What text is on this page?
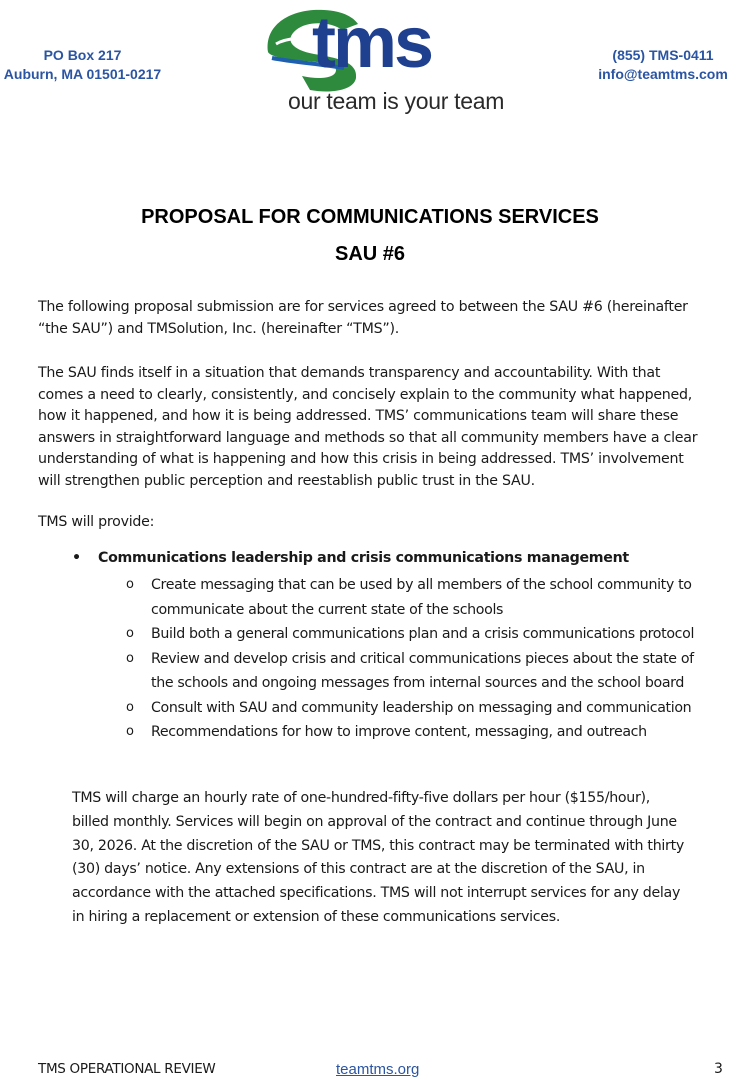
PO Box 217
Auburn, MA 01501-0217 tms
our team is your team
(855) TMS-0411
info@teamtms.com
PROPOSAL FOR COMMUNICATIONS SERVICES
SAU #6
The following proposal submission are for services agreed to between the SAU #6 (hereinafter
“the SAU”) and TMSolution, Inc. (hereinafter “TMS”).
The SAU finds itself in a situation that demands transparency and accountability. With that
comes a need to clearly, consistently, and concisely explain to the community what happened,
how it happened, and how it is being addressed. TMS’ communications team will share these
answers in straightforward language and methods so that all community members have a clear
understanding of what is happening and how this crisis in being addressed. TMS’ involvement
will strengthen public perception and reestablish public trust in the SAU.
TMS will provide:
• Communications leadership and crisis communications management
o Create messaging that can be used by all members of the school community to
communicate about the current state of the schools
o Build both a general communications plan and a crisis communications protocol
o Review and develop crisis and critical communications pieces about the state of
the schools and ongoing messages from internal sources and the school board
o Consult with SAU and community leadership on messaging and communication
o Recommendations for how to improve content, messaging, and outreach
TMS will charge an hourly rate of one-hundred-fifty-five dollars per hour ($155/hour),
billed monthly. Services will begin on approval of the contract and continue through June
30, 2026. At the discretion of the SAU or TMS, this contract may be terminated with thirty
(30) days’ notice. Any extensions of this contract are at the discretion of the SAU, in
accordance with the attached specifications. TMS will not interrupt services for any delay
in hiring a replacement or extension of these communications services.
TMS OPERATIONAL REVIEW	teamtms.org	3
